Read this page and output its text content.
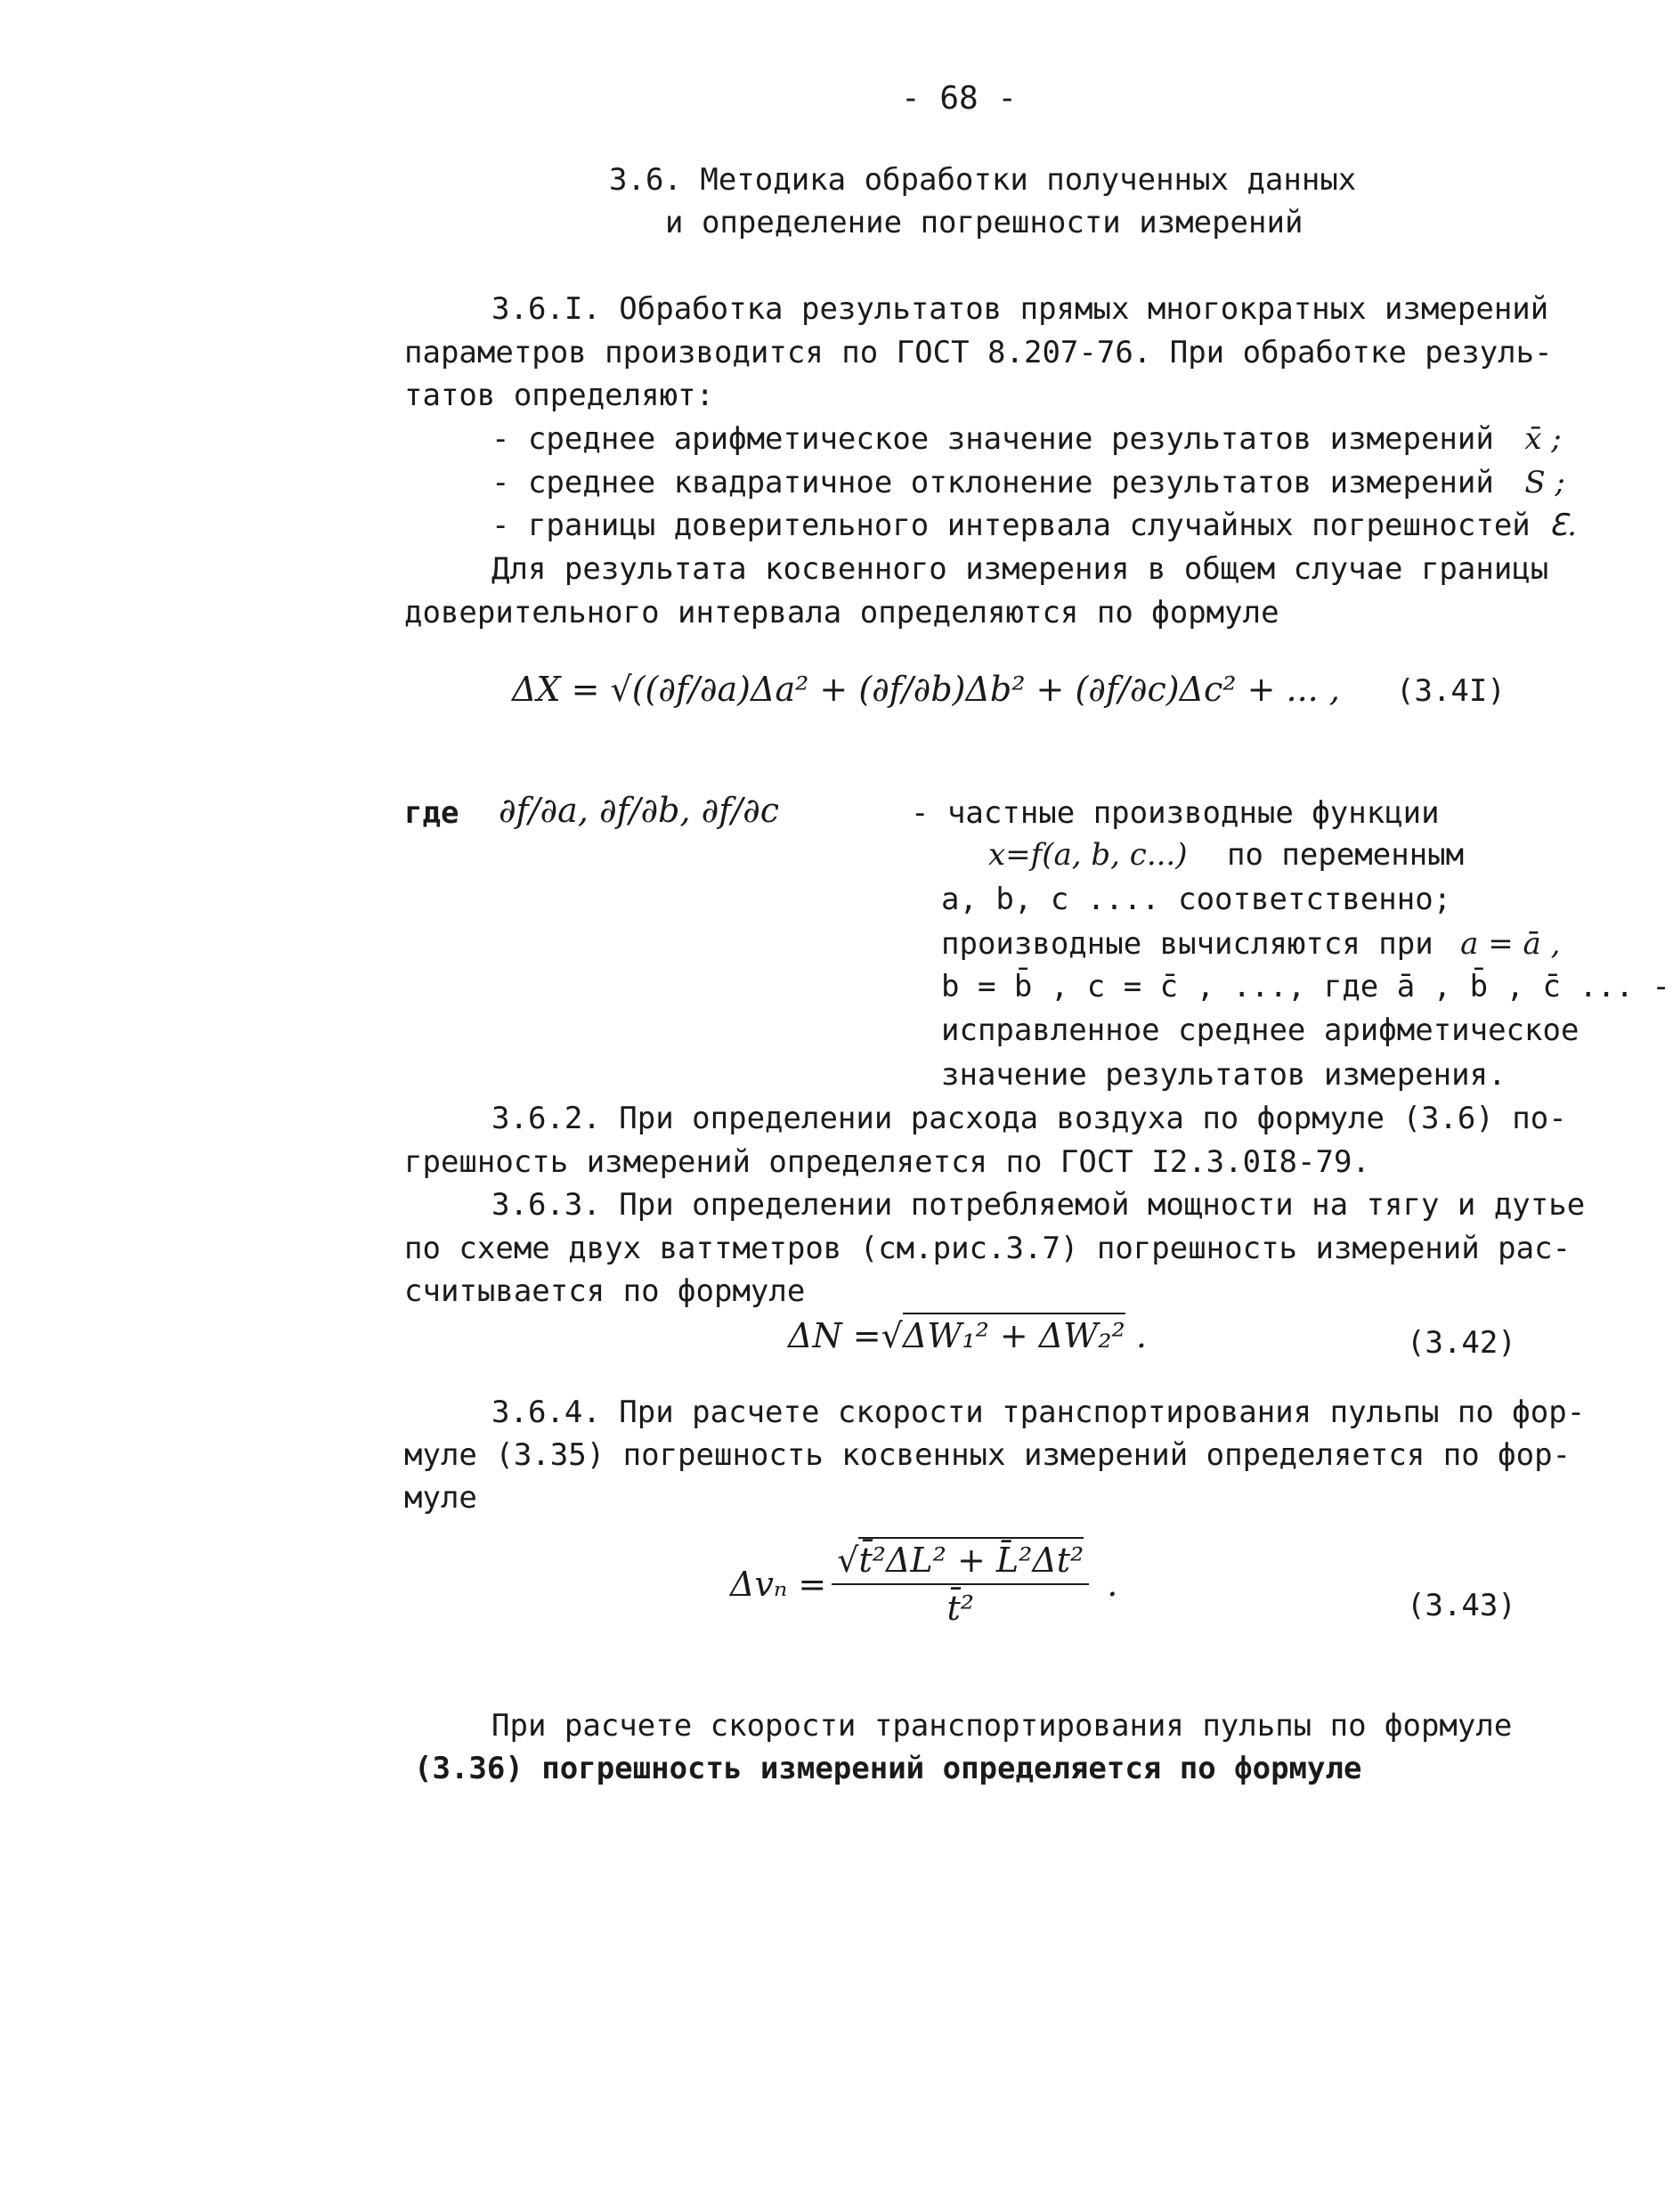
- 68 -
3.6. Методика обработки полученных данных
и определение погрешности измерений
3.6.I. Обработка результатов прямых многократных измерений
параметров производится по ГОСТ 8.207-76. При обработке резуль-
татов определяют:
- среднее арифметическое значение результатов измерений x̄ ;
- среднее квадратичное отклонение результатов измерений S ;
- границы доверительного интервала случайных погрешностей ℇ.
Для результата косвенного измерения в общем случае границы
доверительного интервала определяются по формуле
ΔX = √((∂f/∂a)Δa² + (∂f/∂b)Δb² + (∂f/∂c)Δc² + ... , (3.4I)
где ∂f/∂a, ∂f/∂b, ∂f/∂c	- частные производные функции
x=f(a, b, c...) по переменным
a, b, c .... соответственно;
производные вычисляются при a = ā ,
b = b̄ , c = c̄ , ..., где ā , b̄ , c̄ ... -
исправленное среднее арифметическое
значение результатов измерения.
3.6.2. При определении расхода воздуха по формуле (3.6) по-
грешность измерений определяется по ГОСТ I2.3.0I8-79.
3.6.3. При определении потребляемой мощности на тягу и дутье
по схеме двух ваттметров (см.рис.3.7) погрешность измерений рас-
считывается по формуле
ΔN =√ΔW₁² + ΔW₂² .	(3.42)
3.6.4. При расчете скорости транспортирования пульпы по фор-
муле (3.35) погрешность косвенных измерений определяется по фор-
муле
$\Delta v_n = \frac{\text{√t̄²ΔL² + L̄²Δt²}}{\text{t̄²}}$ .
(3.43)
При расчете скорости транспортирования пульпы по формуле
(3.36) погрешность измерений определяется по формуле
